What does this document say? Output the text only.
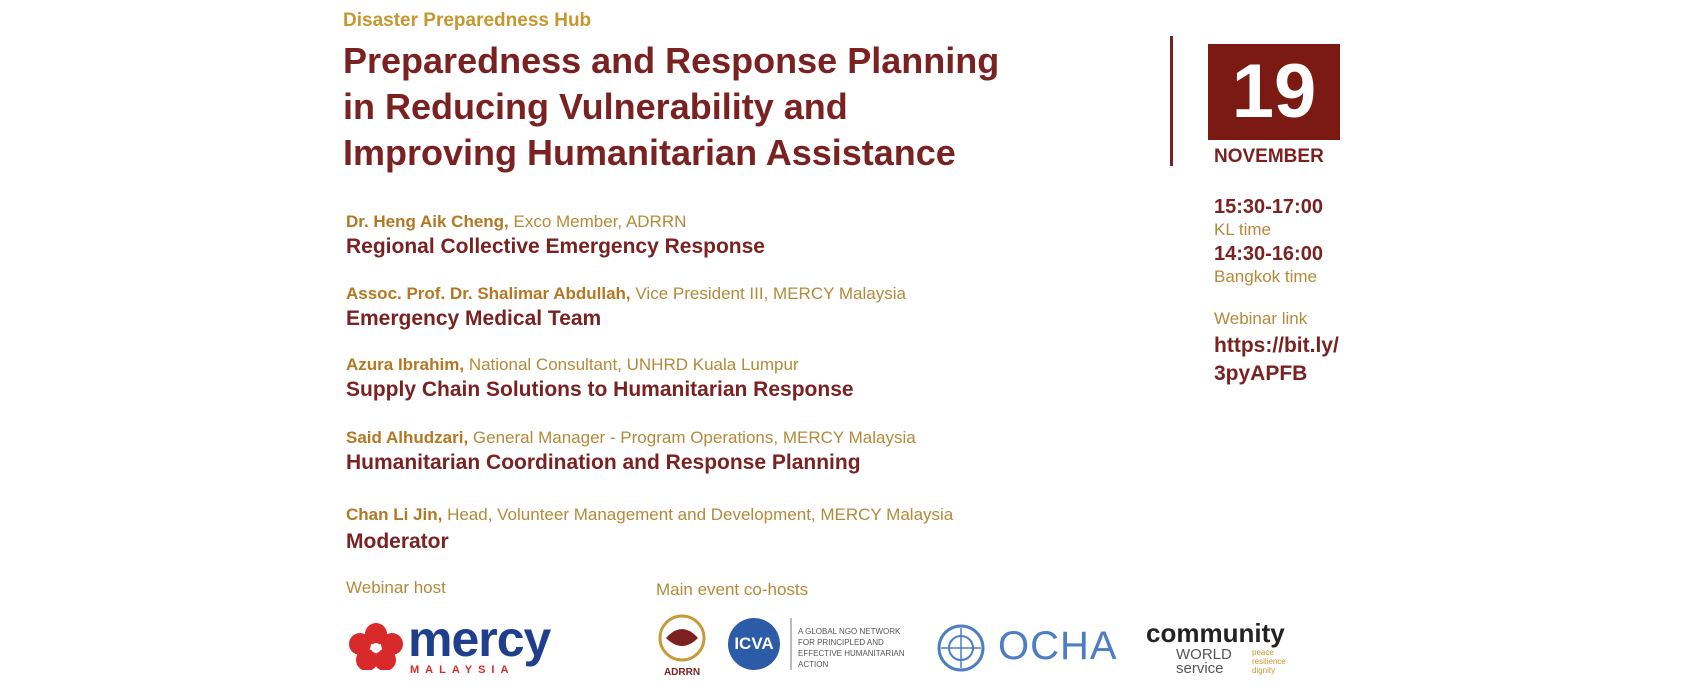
Disaster Preparedness Hub
Preparedness and Response Planning
in Reducing Vulnerability and
Improving Humanitarian Assistance
19
NOVEMBER
15:30-17:00
KL time
14:30-16:00
Bangkok time
Webinar link
https://bit.ly/
3pyAPFB
Dr. Heng Aik Cheng, Exco Member, ADRRN
Regional Collective Emergency Response
Assoc. Prof. Dr. Shalimar Abdullah, Vice President III, MERCY Malaysia
Emergency Medical Team
Azura Ibrahim, National Consultant, UNHRD Kuala Lumpur
Supply Chain Solutions to Humanitarian Response
Said Alhudzari, General Manager - Program Operations, MERCY Malaysia
Humanitarian Coordination and Response Planning
Chan Li Jin, Head, Volunteer Management and Development, MERCY Malaysia
Moderator
Webinar host	Main event co-hosts
mercy
MALAYSIA	ADRRN
ICVA
A GLOBAL NGO NETWORK FOR PRINCIPLED AND EFFECTIVE HUMANITARIAN ACTION	OCHA community
WORLD service
peace resilience dignity
